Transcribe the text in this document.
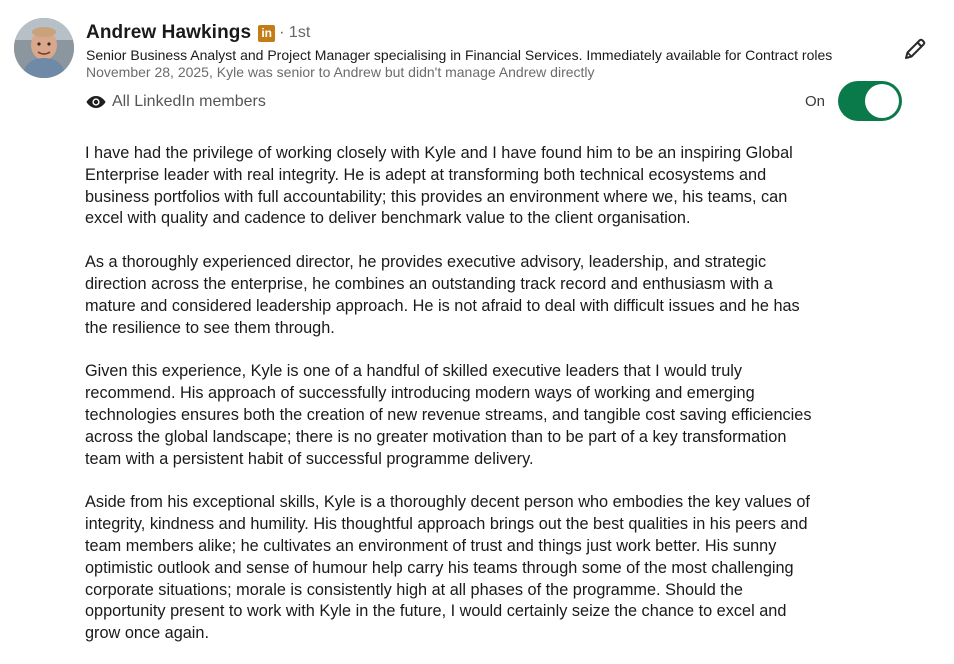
Andrew Hawkings in · 1st
Senior Business Analyst and Project Manager specialising in Financial Services. Immediately available for Contract roles
November 28, 2025, Kyle was senior to Andrew but didn't manage Andrew directly
All LinkedIn members	On

I have had the privilege of working closely with Kyle and I have found him to be an inspiring Global
Enterprise leader with real integrity. He is adept at transforming both technical ecosystems and
business portfolios with full accountability; this provides an environment where we, his teams, can
excel with quality and cadence to deliver benchmark value to the client organisation.

As a thoroughly experienced director, he provides executive advisory, leadership, and strategic
direction across the enterprise, he combines an outstanding track record and enthusiasm with a
mature and considered leadership approach. He is not afraid to deal with difficult issues and he has
the resilience to see them through.

Given this experience, Kyle is one of a handful of skilled executive leaders that I would truly
recommend. His approach of successfully introducing modern ways of working and emerging
technologies ensures both the creation of new revenue streams, and tangible cost saving efficiencies
across the global landscape; there is no greater motivation than to be part of a key transformation
team with a persistent habit of successful programme delivery.

Aside from his exceptional skills, Kyle is a thoroughly decent person who embodies the key values of
integrity, kindness and humility. His thoughtful approach brings out the best qualities in his peers and
team members alike; he cultivates an environment of trust and things just work better. His sunny
optimistic outlook and sense of humour help carry his teams through some of the most challenging
corporate situations; morale is consistently high at all phases of the programme. Should the
opportunity present to work with Kyle in the future, I would certainly seize the chance to excel and
grow once again.
